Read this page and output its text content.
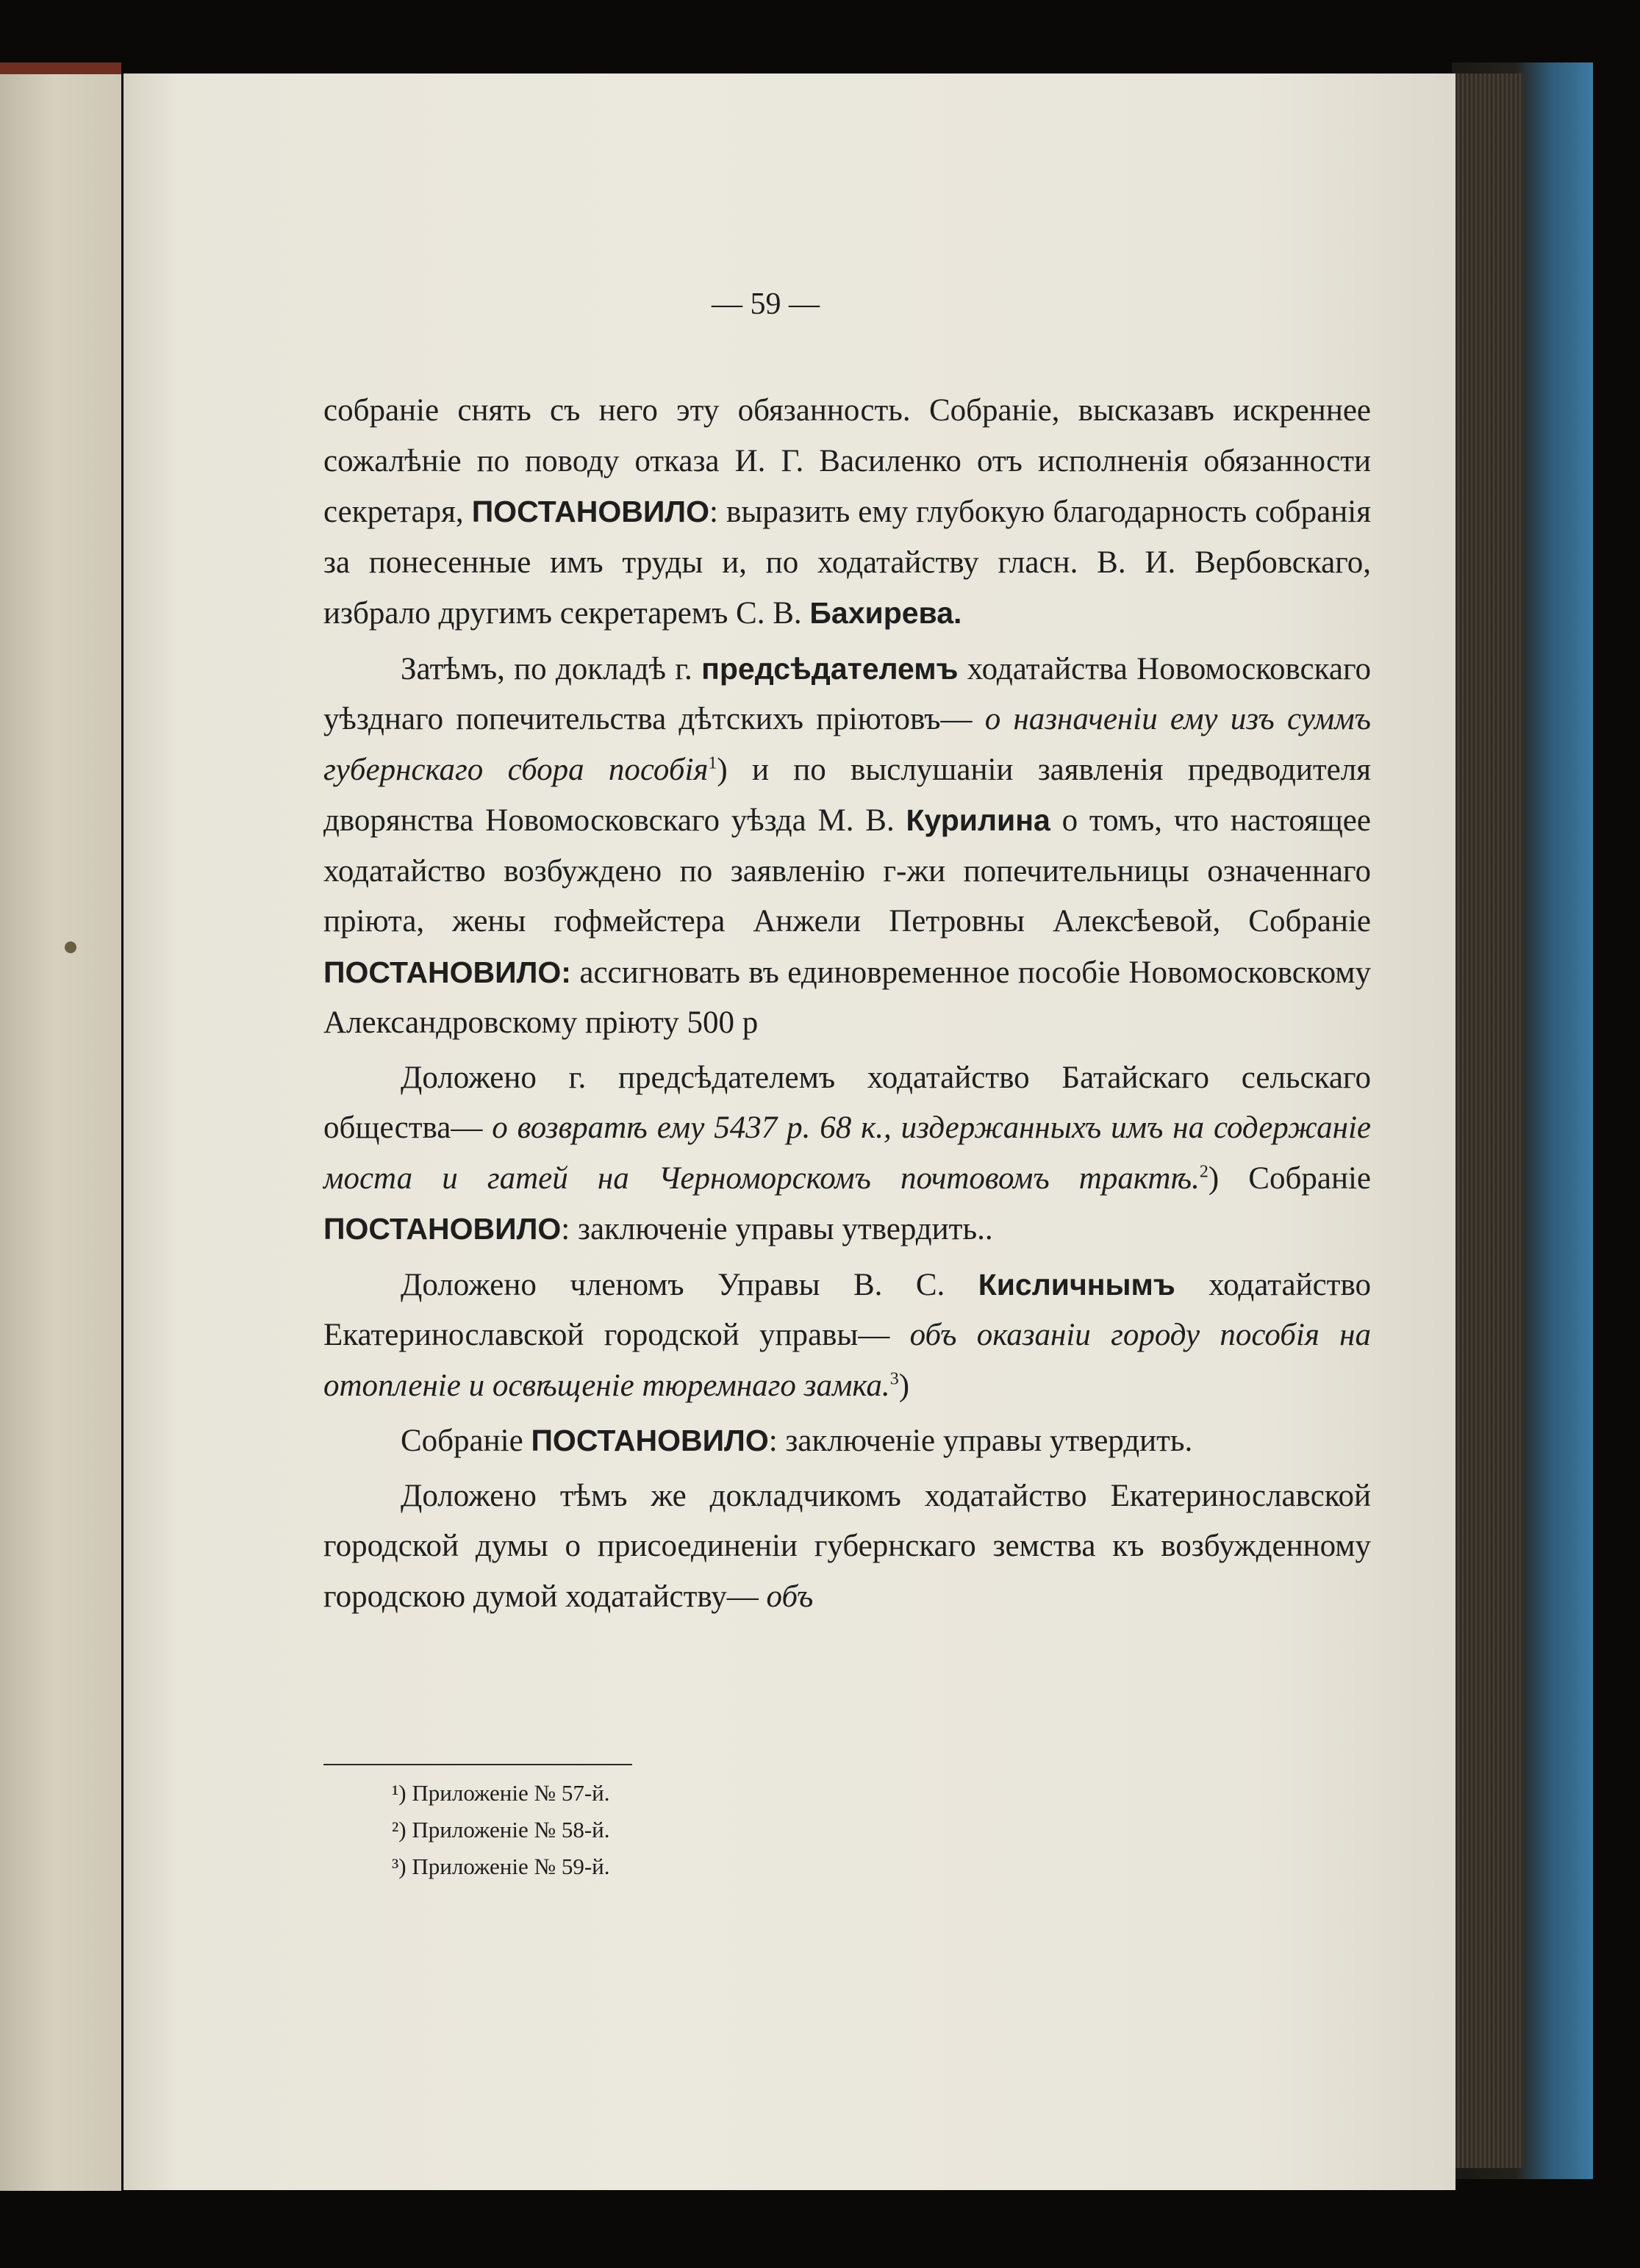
— 59 —

собраніе снять съ него эту обязанность. Собраніе, высказавъ искреннее сожалѣніе по поводу отказа И. Г. Василенко отъ исполненія обязанности секретаря, ПОСТАНОВИЛО: выразить ему глубокую благодарность собранія за понесенные имъ труды и, по ходатайству гласн. В. И. Вербовскаго, избрало другимъ секретаремъ С. В. Бахирева.

Затѣмъ, по докладѣ г. предсѣдателемъ ходатайства Новомосковскаго уѣзднаго попечительства дѣтскихъ пріютовъ— о назначеніи ему изъ суммъ губернскаго сбора пособія$^1$) и по выслушаніи заявленія предводителя дворянства Новомосковскаго уѣзда М. В. Курилина о томъ, что настоящее ходатайство возбуждено по заявленію г-жи попечительницы означеннаго пріюта, жены гофмейстера Анжели Петровны Алексѣевой, Собраніе ПОСТАНОВИЛО: ассигновать въ единовременное пособіе Новомосковскому Александровскому пріюту 500 р

Доложено г. предсѣдателемъ ходатайство Батайскаго сельскаго общества— о возвратѣ ему 5437 р. 68 к., издержанныхъ имъ на содержаніе моста и гатей на Черноморскомъ почтовомъ трактѣ.$^2$) Собраніе ПОСТАНОВИЛО: заключеніе управы утвердить..

Доложено членомъ Управы В. С. Кисличнымъ ходатайство Екатеринославской городской управы— объ оказаніи городу пособія на отопленіе и освѣщеніе тюремнаго замка.$^3$)

Собраніе ПОСТАНОВИЛО: заключеніе управы утвердить.

Доложено тѣмъ же докладчикомъ ходатайство Екатеринославской городской думы о присоединеніи губернскаго земства къ возбужденному городскою думой ходатайству— объ

¹) Приложеніе № 57-й.
²) Приложеніе № 58-й.
³) Приложеніе № 59-й.
